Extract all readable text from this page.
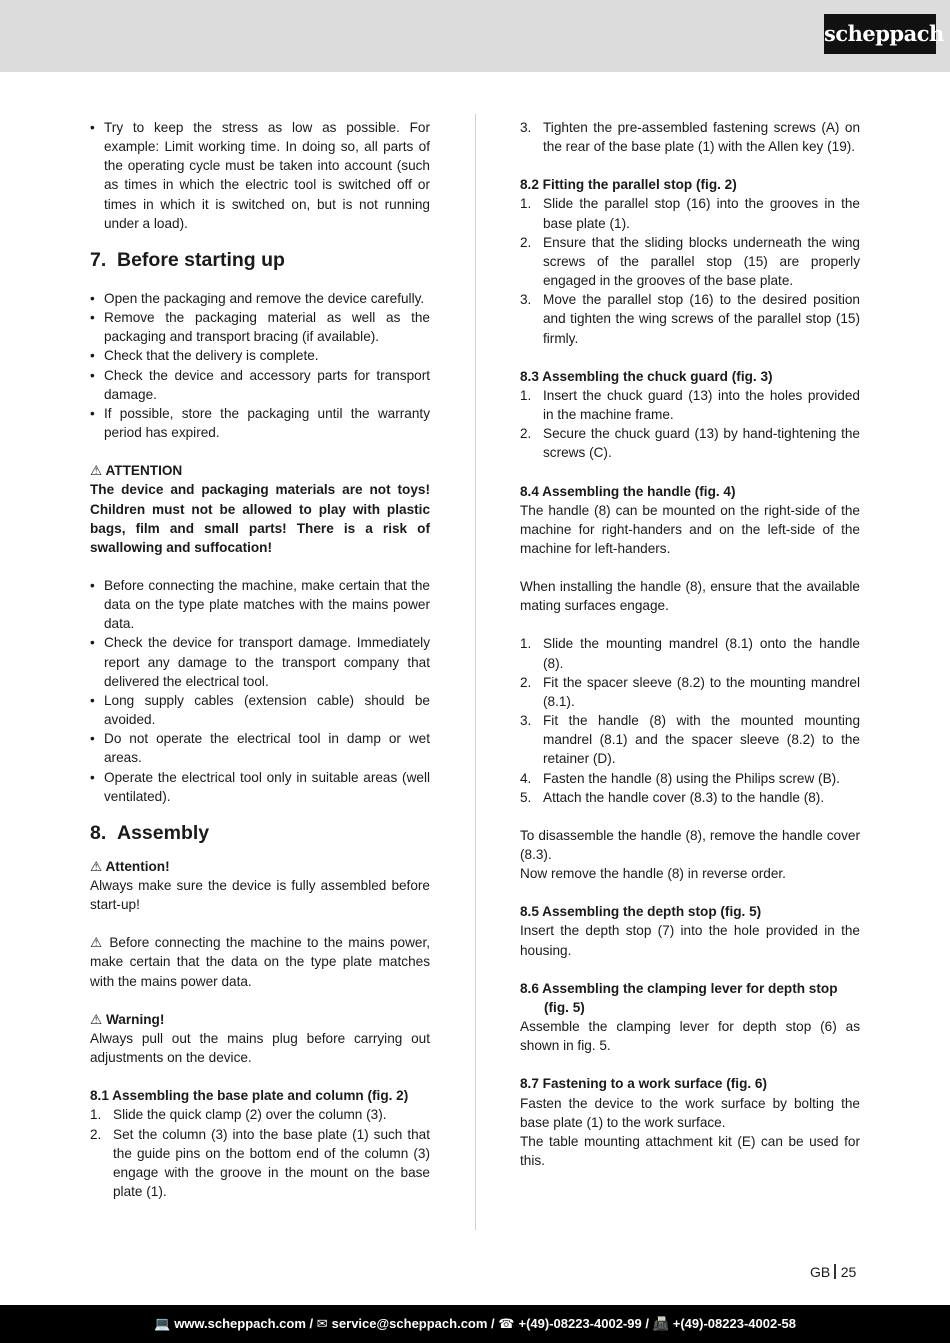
scheppach
• Try to keep the stress as low as possible. For example: Limit working time. In doing so, all parts of the operating cycle must be taken into account (such as times in which the electric tool is switched off or times in which it is switched on, but is not running under a load).
7. Before starting up
• Open the packaging and remove the device carefully.
• Remove the packaging material as well as the packaging and transport bracing (if available).
• Check that the delivery is complete.
• Check the device and accessory parts for transport damage.
• If possible, store the packaging until the warranty period has expired.

⚠ ATTENTION

The device and packaging materials are not toys! Children must not be allowed to play with plastic bags, film and small parts! There is a risk of swallowing and suffocation!

• Before connecting the machine, make certain that the data on the type plate matches with the mains power data.
• Check the device for transport damage. Immediately report any damage to the transport company that delivered the electrical tool.
• Long supply cables (extension cable) should be avoided.
• Do not operate the electrical tool in damp or wet areas.
• Operate the electrical tool only in suitable areas (well ventilated).
8. Assembly

⚠ Attention!

Always make sure the device is fully assembled before start-up!

⚠ Before connecting the machine to the mains power, make certain that the data on the type plate matches with the mains power data.

⚠ Warning!

Always pull out the mains plug before carrying out adjustments on the device.

8.1 Assembling the base plate and column (fig. 2)

1. Slide the quick clamp (2) over the column (3).
2. Set the column (3) into the base plate (1) such that the guide pins on the bottom end of the column (3) engage with the groove in the mount on the base plate (1).
3. Tighten the pre-assembled fastening screws (A) on the rear of the base plate (1) with the Allen key (19).

8.2 Fitting the parallel stop (fig. 2)

1. Slide the parallel stop (16) into the grooves in the base plate (1).
2. Ensure that the sliding blocks underneath the wing screws of the parallel stop (15) are properly engaged in the grooves of the base plate.
3. Move the parallel stop (16) to the desired position and tighten the wing screws of the parallel stop (15) firmly.

8.3 Assembling the chuck guard (fig. 3)

1. Insert the chuck guard (13) into the holes provided in the machine frame.
2. Secure the chuck guard (13) by hand-tightening the screws (C).

8.4 Assembling the handle (fig. 4)

The handle (8) can be mounted on the right-side of the machine for right-handers and on the left-side of the machine for left-handers.

When installing the handle (8), ensure that the available mating surfaces engage.

1. Slide the mounting mandrel (8.1) onto the handle (8).
2. Fit the spacer sleeve (8.2) to the mounting mandrel (8.1).
3. Fit the handle (8) with the mounted mounting mandrel (8.1) and the spacer sleeve (8.2) to the retainer (D).
4. Fasten the handle (8) using the Philips screw (B).
5. Attach the handle cover (8.3) to the handle (8).

To disassemble the handle (8), remove the handle cover (8.3).

Now remove the handle (8) in reverse order.

8.5 Assembling the depth stop (fig. 5)

Insert the depth stop (7) into the hole provided in the housing.

8.6 Assembling the clamping lever for depth stop (fig. 5)

Assemble the clamping lever for depth stop (6) as shown in fig. 5.

8.7 Fastening to a work surface (fig. 6)

Fasten the device to the work surface by bolting the base plate (1) to the work surface.

The table mounting attachment kit (E) can be used for this.

GB 25
💻 www.scheppach.com / ✉ service@scheppach.com / ☎ +(49)-08223-4002-99 / 📠 +(49)-08223-4002-58
